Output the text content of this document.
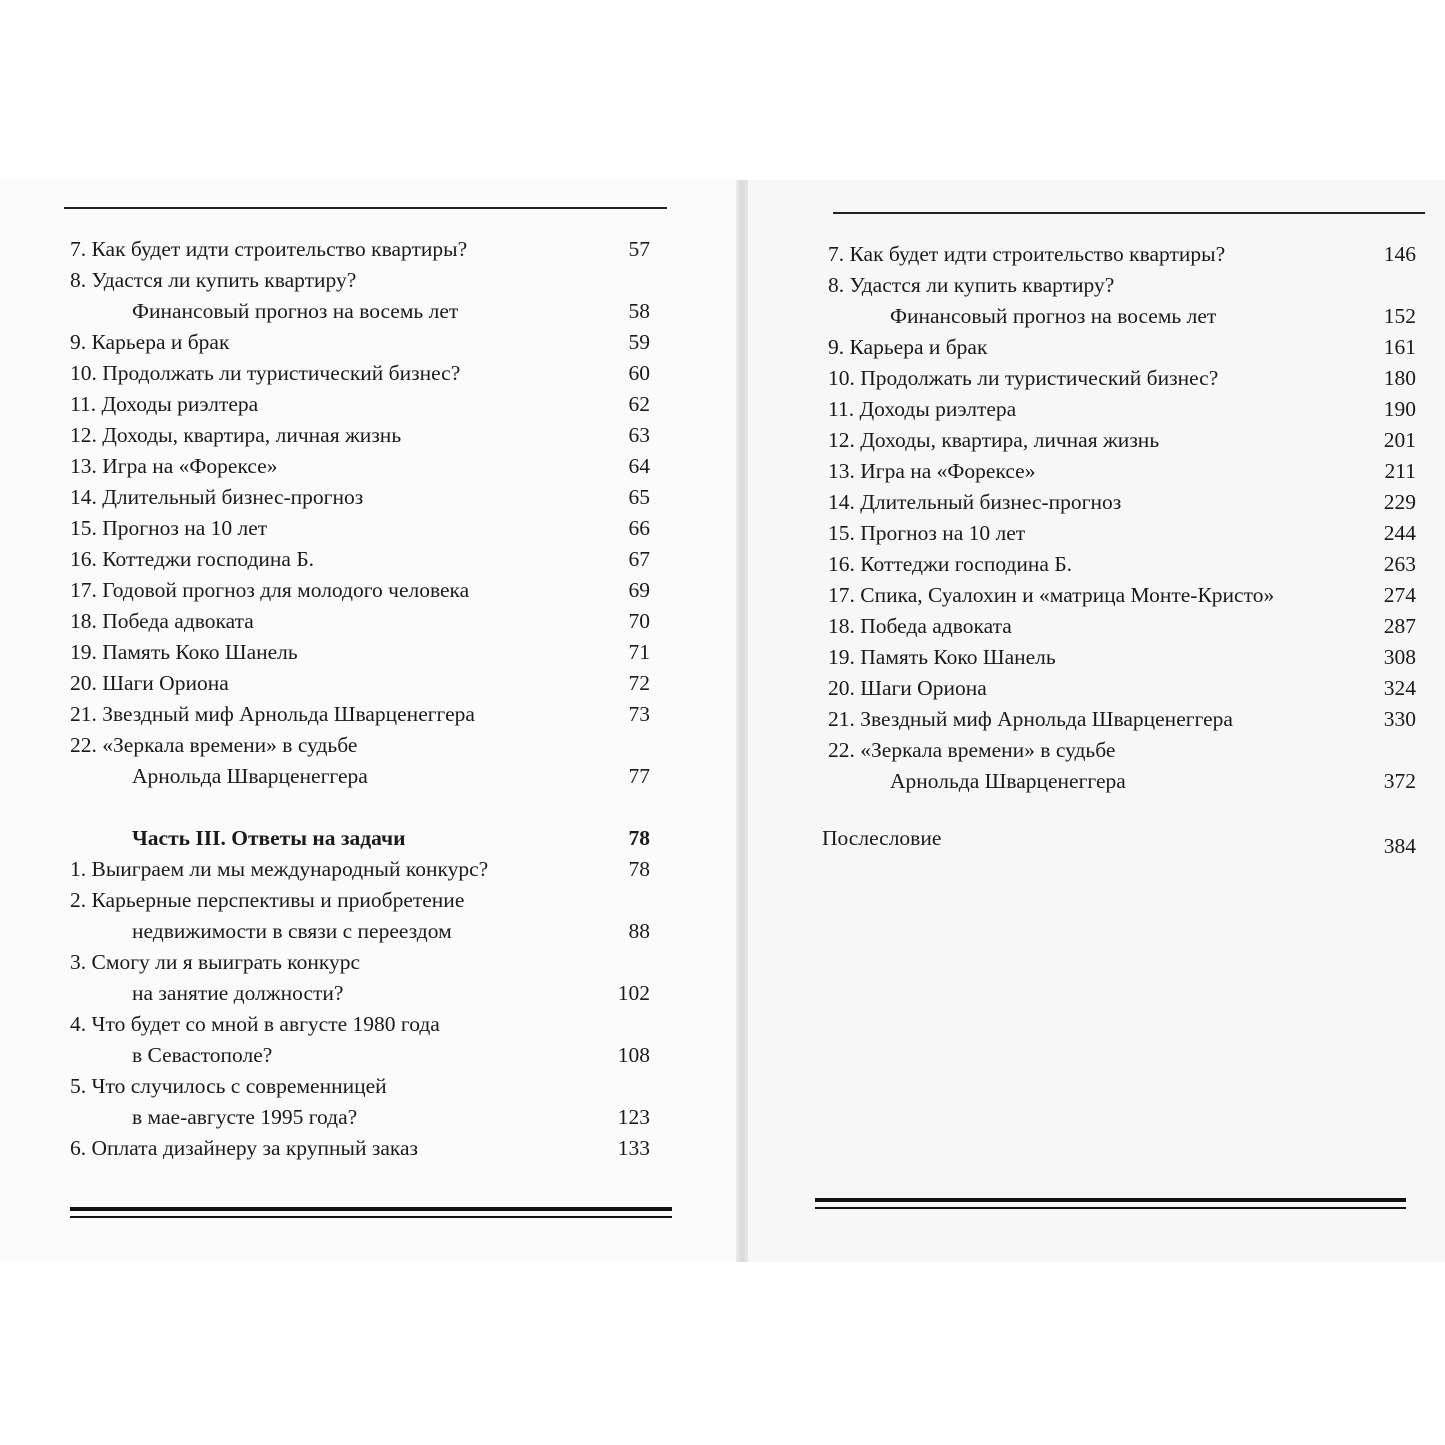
7. Как будет идти строительство квартиры?	57
8. Удастся ли купить квартиру?
Финансовый прогноз на восемь лет	58
9. Карьера и брак	59
10. Продолжать ли туристический бизнес?	60
11. Доходы риэлтера	62
12. Доходы, квартира, личная жизнь	63
13. Игра на «Форексе»	64
14. Длительный бизнес-прогноз	65
15. Прогноз на 10 лет	66
16. Коттеджи господина Б.	67
17. Годовой прогноз для молодого человека	69
18. Победа адвоката	70
19. Память Коко Шанель	71
20. Шаги Ориона	72
21. Звездный миф Арнольда Шварценеггера	73
22. «Зеркала времени» в судьбе
Арнольда Шварценеггера	77
Часть III. Ответы на задачи	78
1. Выиграем ли мы международный конкурс?	78
2. Карьерные перспективы и приобретение
недвижимости в связи с переездом	88
3. Смогу ли я выиграть конкурс
на занятие должности?	102
4. Что будет со мной в августе 1980 года
в Севастополе?	108
5. Что случилось с современницей
в мае-августе 1995 года?	123
6. Оплата дизайнеру за крупный заказ	133
7. Как будет идти строительство квартиры?	146
8. Удастся ли купить квартиру?
Финансовый прогноз на восемь лет	152
9. Карьера и брак	161
10. Продолжать ли туристический бизнес?	180
11. Доходы риэлтера	190
12. Доходы, квартира, личная жизнь	201
13. Игра на «Форексе»	211
14. Длительный бизнес-прогноз	229
15. Прогноз на 10 лет	244
16. Коттеджи господина Б.	263
17. Спика, Суалохин и «матрица Монте-Кристо»	274
18. Победа адвоката	287
19. Память Коко Шанель	308
20. Шаги Ориона	324
21. Звездный миф Арнольда Шварценеггера	330
22. «Зеркала времени» в судьбе
Арнольда Шварценеггера	372
Послесловие	384
